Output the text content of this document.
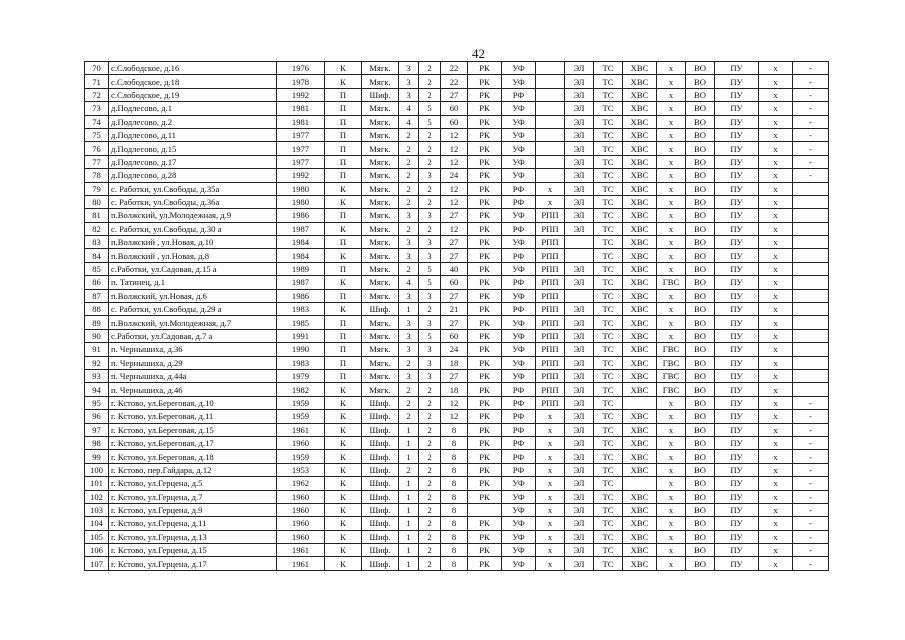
42
70	с.Слободское, д.16	1976	К	Мягк.	3	2	22	РК	УФ		ЭЛ	ТС	ХВС	х	ВО	ПУ	х	-
71	с.Слободское, д.18	1978	К	Мягк.	3	2	22	РК	УФ		ЭЛ	ТС	ХВС	х	ВО	ПУ	х	-
72	с.Слободское, д.19	1992	П	Шиф.	3	2	27	РК	РФ		ЭЛ	ТС	ХВС	х	ВО	ПУ	х	-
73	д.Подлесово, д.1	1981	П	Мягк.	4	5	60	РК	УФ		ЭЛ	ТС	ХВС	х	ВО	ПУ	х	-
74	д.Подлесово, д.2	1981	П	Мягк.	4	5	60	РК	УФ		ЭЛ	ТС	ХВС	х	ВО	ПУ	х	-
75	д.Подлесово, д.11	1977	П	Мягк.	2	2	12	РК	УФ		ЭЛ	ТС	ХВС	х	ВО	ПУ	х	-
76	д.Подлесово, д.15	1977	П	Мягк.	2	2	12	РК	УФ		ЭЛ	ТС	ХВС	х	ВО	ПУ	х	-
77	д.Подлесово, д.17	1977	П	Мягк.	2	2	12	РК	УФ		ЭЛ	ТС	ХВС	х	ВО	ПУ	х	-
78	д.Подлесово, д.28	1992	П	Мягк.	2	3	24	РК	УФ		ЭЛ	ТС	ХВС	х	ВО	ПУ	х	-
79	с. Работки, ул.Свободы, д.35а	1980	К	Мягк.	2	2	12	РК	РФ	х	ЭЛ	ТС	ХВС	х	ВО	ПУ	х	
80	с. Работки, ул.Свободы, д.36а	1980	К	Мягк.	2	2	12	РК	РФ	х	ЭЛ	ТС	ХВС	х	ВО	ПУ	х	
81	п.Волжский, ул.Молодежная, д.9	1986	П	Мягк.	3	3	27	РК	УФ	РПП	ЭЛ	ТС	ХВС	х	ВО	ПУ	х	
82	с. Работки, ул.Свободы, д.30 а	1987	К	Мягк.	2	2	12	РК	РФ	РПП	ЭЛ	ТС	ХВС	х	ВО	ПУ	х	
83	п.Волжский , ул.Новая, д.10	1984	П	Мягк.	3	3	27	РК	УФ	РПП		ТС	ХВС	х	ВО	ПУ	х	
84	п.Волжский , ул.Новая, д.8	1984	К	Мягк.	3	3	27	РК	РФ	РПП		ТС	ХВС	х	ВО	ПУ	х	
85	с.Работки, ул.Садовая, д.15 а	1989	П	Мягк.	2	5	40	РК	УФ	РПП	ЭЛ	ТС	ХВС	х	ВО	ПУ	х	
86	п. Татинец, д.1	1987	К	Мягк.	4	5	60	РК	РФ	РПП	ЭЛ	ТС	ХВС	ГВС	ВО	ПУ	х	
87	п.Волжский, ул.Новая, д.6	1986	П	Мягк.	3	3	27	РК	УФ	РПП		ТС	ХВС	х	ВО	ПУ	х	
88	с. Работки, ул.Свободы, д.29 а	1983	К	Шиф.	1	2	21	РК	РФ	РПП	ЭЛ	ТС	ХВС	х	ВО	ПУ	х	
89	п.Волжский, ул.Молодежная, д.7	1985	П	Мягк.	3	3	27	РК	УФ	РПП	ЭЛ	ТС	ХВС	х	ВО	ПУ	х	
90	с.Работки, ул.Садовая, д.7 а	1991	П	Мягк.	3	5	60	РК	УФ	РПП	ЭЛ	ТС	ХВС	х	ВО	ПУ	х	
91	п. Чернышиха, д.36	1990	П	Мягк.	3	3	24	РК	УФ	РПП	ЭЛ	ТС	ХВС	ГВС	ВО	ПУ	х	
92	п. Чернышиха, д.29	1983	П	Мягк.	2	3	18	РК	УФ	РПП	ЭЛ	ТС	ХВС	ГВС	ВО	ПУ	х	
93	п. Чернышиха, д.44а	1979	П	Мягк.	3	3	27	РК	УФ	РПП	ЭЛ	ТС	ХВС	ГВС	ВО	ПУ	х	
94	п. Чернышиха, д.46	1982	К	Мягк.	2	2	18	РК	РФ	РПП	ЭЛ	ТС	ХВС	ГВС	ВО	ПУ	х	
95	г. Кстово, ул.Береговая, д.10	1959	К	Шиф.	2	2	12	РК	РФ	РПП	ЭЛ	ТС		х	ВО	ПУ	х	-
96	г. Кстово, ул.Береговая, д.11	1959	К	Шиф.	2	2	12	РК	РФ	х	ЭЛ	ТС	ХВС	х	ВО	ПУ	х	-
97	г. Кстово, ул.Береговая, д.15	1961	К	Шиф.	1	2	8	РК	РФ	х	ЭЛ	ТС	ХВС	х	ВО	ПУ	х	-
98	г. Кстово, ул.Береговая, д.17	1960	К	Шиф.	1	2	8	РК	РФ	х	ЭЛ	ТС	ХВС	х	ВО	ПУ	х	-
99	г. Кстово, ул.Береговая, д.18	1959	К	Шиф.	1	2	8	РК	РФ	х	ЭЛ	ТС	ХВС	х	ВО	ПУ	х	-
100	г. Кстово, пер.Гайдара, д.12	1953	К	Шиф.	2	2	8	РК	РФ	х	ЭЛ	ТС	ХВС	х	ВО	ПУ	х	-
101	г. Кстово, ул.Герцена, д.5	1962	К	Шиф.	1	2	8	РК	УФ	х	ЭЛ	ТС		х	ВО	ПУ	х	-
102	г. Кстово, ул.Герцена, д.7	1960	К	Шиф.	1	2	8	РК	УФ	х	ЭЛ	ТС	ХВС	х	ВО	ПУ	х	-
103	г. Кстово, ул.Герцена, д.9	1960	К	Шиф.	1	2	8		УФ	х	ЭЛ	ТС	ХВС	х	ВО	ПУ	х	-
104	г. Кстово, ул.Герцена, д.11	1960	К	Шиф.	1	2	8	РК	УФ	х	ЭЛ	ТС	ХВС	х	ВО	ПУ	х	-
105	г. Кстово, ул.Герцена, д.13	1960	К	Шиф.	1	2	8	РК	УФ	х	ЭЛ	ТС	ХВС	х	ВО	ПУ	х	-
106	г. Кстово, ул.Герцена, д.15	1961	К	Шиф.	1	2	8	РК	УФ	х	ЭЛ	ТС	ХВС	х	ВО	ПУ	х	-
107	г. Кстово, ул.Герцена, д.17	1961	К	Шиф.	1	2	8	РК	УФ	х	ЭЛ	ТС	ХВС	х	ВО	ПУ	х	-
